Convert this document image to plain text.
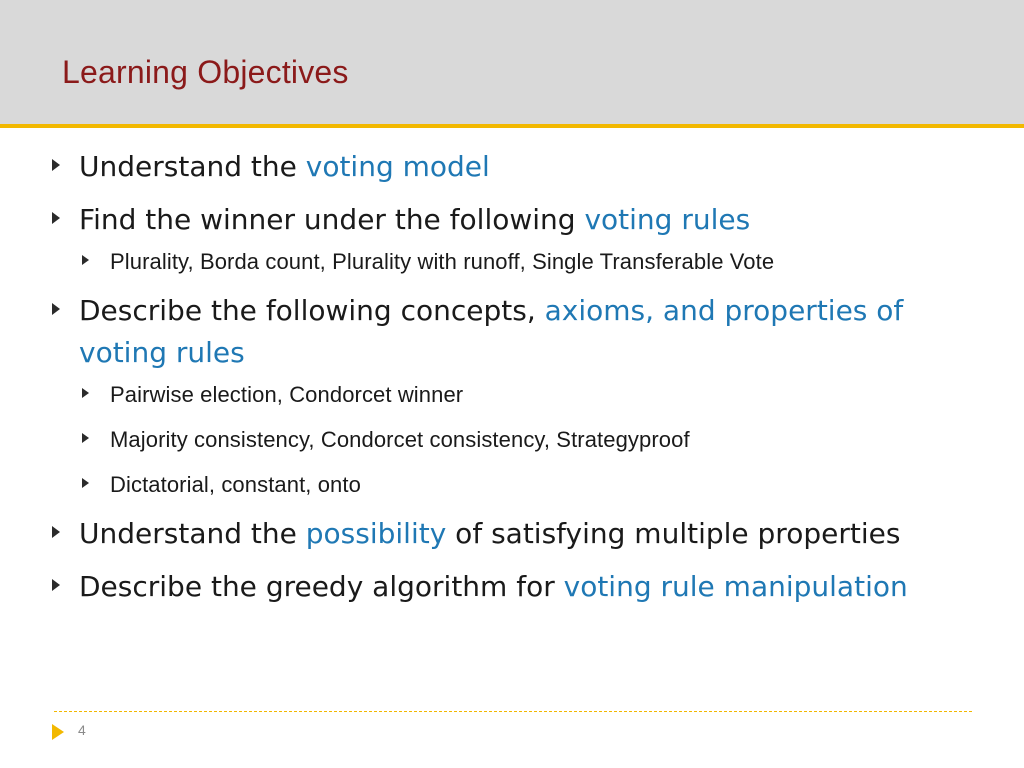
Learning Objectives
Understand the voting model
Find the winner under the following voting rules
Plurality, Borda count, Plurality with runoff, Single Transferable Vote
Describe the following concepts, axioms, and properties of voting rules
Pairwise election, Condorcet winner
Majority consistency, Condorcet consistency, Strategyproof
Dictatorial, constant, onto
Understand the possibility of satisfying multiple properties
Describe the greedy algorithm for voting rule manipulation
4
